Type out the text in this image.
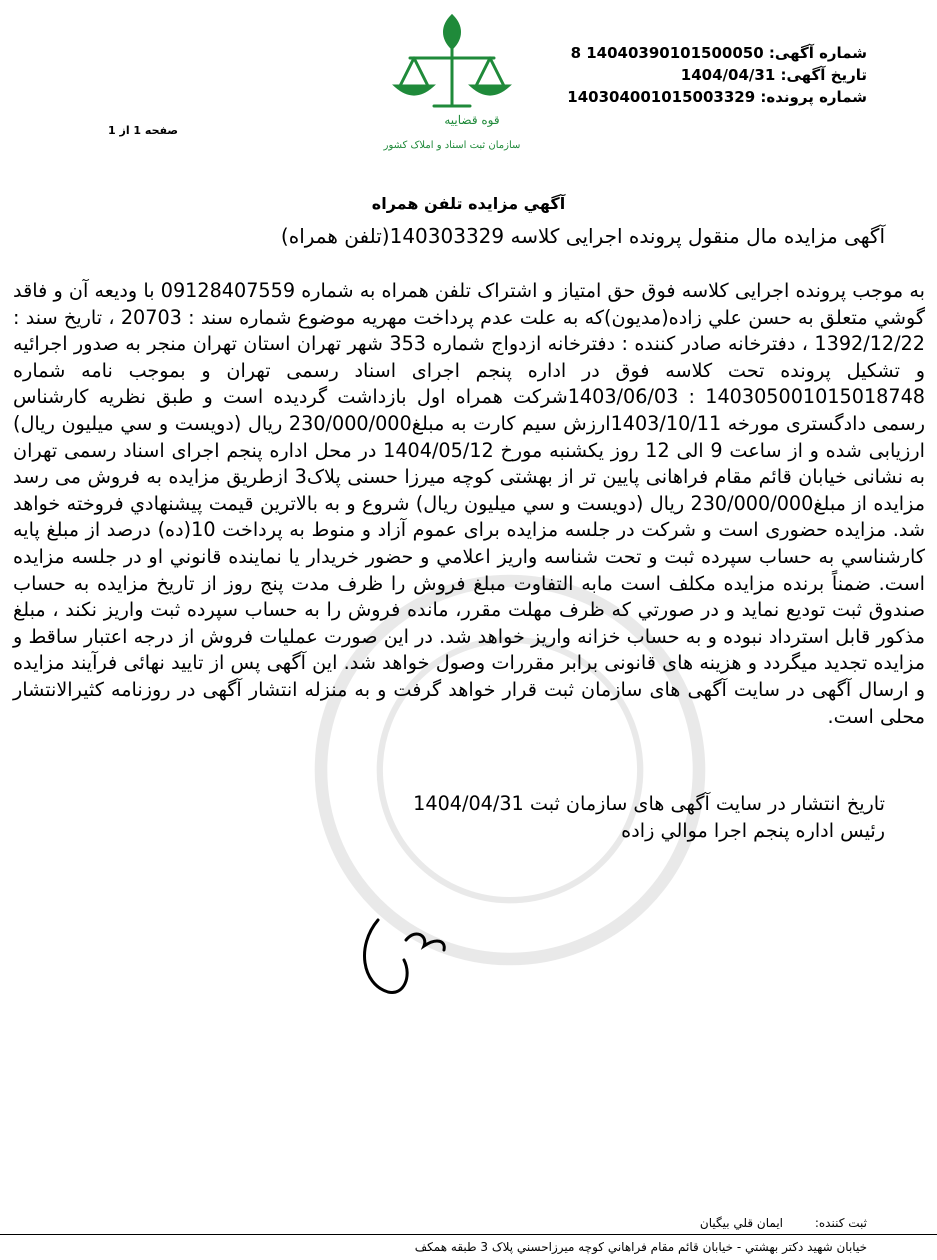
قوه قضاییه
سازمان ثبت اسناد و املاک کشور
شماره آگهی: 14040390101500050 8
تاریخ آگهی: 1404/04/31
شماره پرونده: 140304001015003329
صفحه 1 از 1
آگهي مزايده تلفن همراه
آگهی مزایده مال منقول پرونده اجرایی کلاسه 140303329(تلفن همراه)
به موجب پرونده اجرایی کلاسه فوق حق امتیاز و اشتراک تلفن همراه به شماره 09128407559 با ودیعه آن و فاقد گوشي متعلق به حسن علي زاده(مديون)که به علت عدم پرداخت مهریه موضوع شماره سند : 20703 ، تاریخ سند : 1392/12/22 ، دفترخانه صادر کننده : دفترخانه ازدواج شماره 353 شهر تهران استان تهران منجر به صدور اجرائیه و تشکیل پرونده تحت کلاسه فوق در اداره پنجم اجرای اسناد رسمی تهران و بموجب نامه شماره 140305001015018748 : 1403/06/03شرکت همراه اول بازداشت گردیده است و طبق نظریه کارشناس رسمی دادگستری مورخه 1403/10/11ارزش سیم کارت به مبلغ230/000/000 ریال (دویست و سي میلیون ریال) ارزیابی شده و از ساعت 9 الی 12 روز یکشنبه مورخ 1404/05/12 در محل اداره پنجم اجرای اسناد رسمی تهران به نشانی خیابان قائم مقام فراهانی پایین تر از بهشتی کوچه میرزا حسنی پلاک3 ازطریق مزایده به فروش می رسد مزایده از مبلغ230/000/000 ریال (دویست و سي میلیون ریال) شروع و به بالاترین قیمت پیشنهادي فروخته خواهد شد. مزايده حضوری است و شرکت در جلسه مزایده برای عموم آزاد و منوط به پرداخت 10(ده) درصد از مبلغ پایه کارشناسي به حساب سپرده ثبت و تحت شناسه واریز اعلامي و حضور خریدار یا نماینده قانوني او در جلسه مزایده است. ضمناً برنده مزایده مکلف است مابه التفاوت مبلغ فروش را ظرف مدت پنج روز از تاریخ مزایده به حساب صندوق ثبت توديع نمايد و در صورتي كه ظرف مهلت مقرر، مانده فروش را به حساب سپرده ثبت واريز نكند ، مبلغ مذكور قابل استرداد نبوده و به حساب خزانه واريز خواهد شد. در این صورت عملیات فروش از درجه اعتبار ساقط و مزایده تجدید میگردد و هزینه های قانونی برابر مقررات وصول خواهد شد. این آگهی پس از تایید نهائی فرآیند مزایده و ارسال آگهی در سایت آگهی های سازمان ثبت قرار خواهد گرفت و به منزله انتشار آگهی در روزنامه کثيرالانتشار محلی است.
تاریخ انتشار در سایت آگهی های سازمان ثبت 1404/04/31
رئيس اداره پنجم اجرا موالي زاده
ثبت کننده: ايمان قلي بيگيان
خیابان شهید دکتر بهشتي - خيابان قائم مقام فراهاني کوچه ميرزاحسني پلاک 3 طبقه همکف
